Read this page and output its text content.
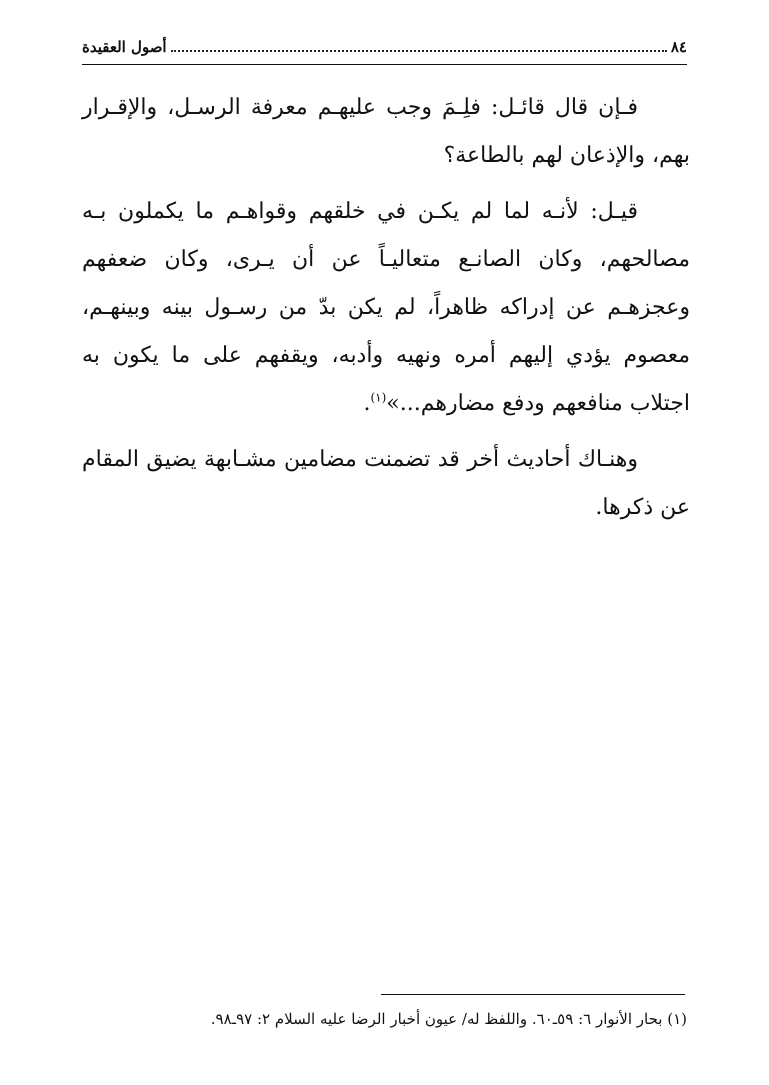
٨٤
أصول العقيدة

فـإن قال قائـل: فلِـمَ وجب عليهـم معرفة الرسـل، والإقـرار بهم، والإذعان لهم بالطاعة؟

قيـل: لأنـه لما لم يكـن في خلقهم وقواهـم ما يكملون بـه مصالحهم، وكان الصانـع متعاليـاً عن أن يـرى، وكان ضعفهم وعجزهـم عن إدراكه ظاهراً، لم يكن بدّ من رسـول بينه وبينهـم، معصوم يؤدي إليهم أمره ونهيه وأدبه، ويقفهم على ما يكون به اجتلاب منافعهم ودفع مضارهم...»$^{(١)}$.

وهنـاك أحاديث أخر قد تضمنت مضامين مشـابهة يضيق المقام عن ذكرها.

(١) بحار الأنوار ٦: ٥٩ـ٦٠. واللفظ له/ عيون أخبار الرضا عليه السلام ٢: ٩٧ـ٩٨.
